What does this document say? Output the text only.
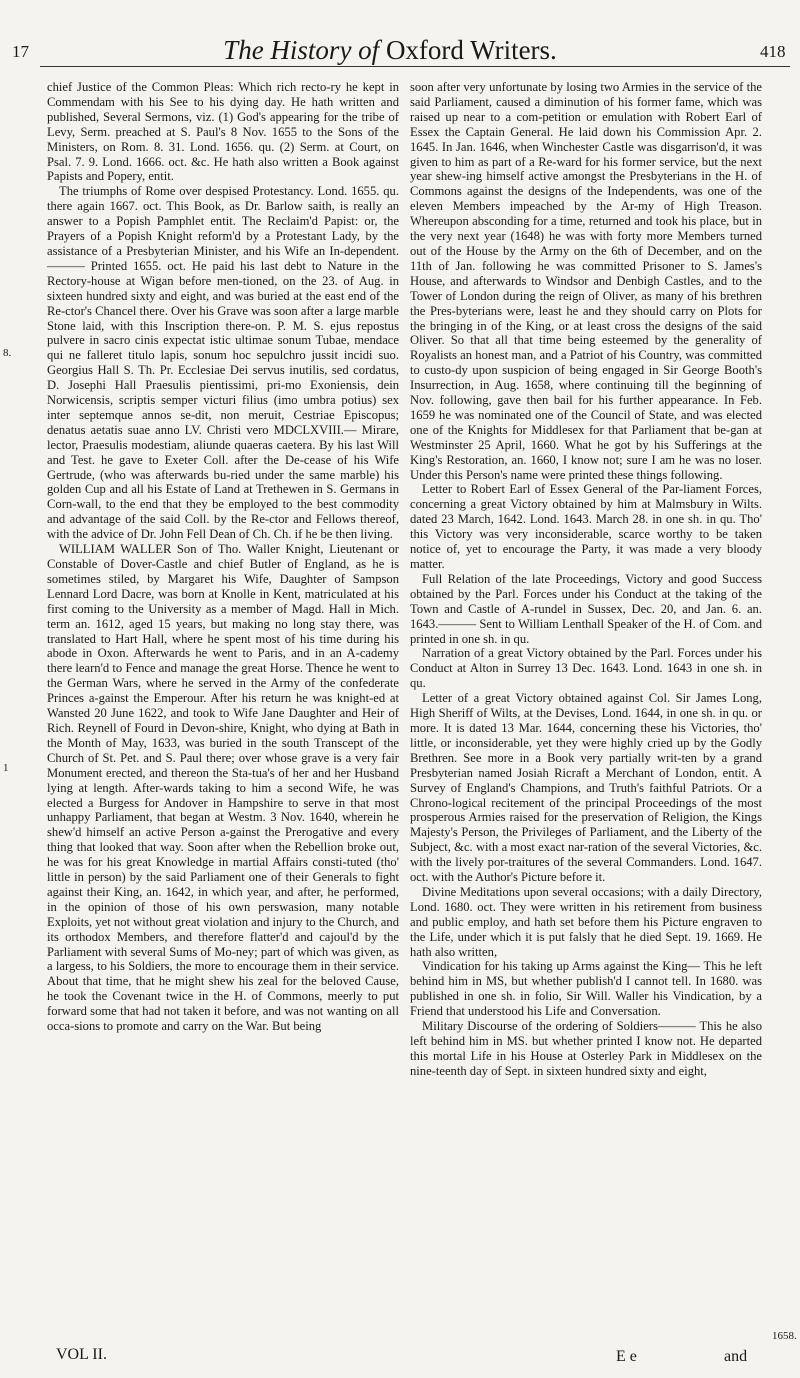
17	The History of Oxford Writers.	418
8.
1
1658.

chief Justice of the Common Pleas: Which rich recto-ry he kept in Commendam with his See to his dying day. He hath written and published, Several Sermons, viz. (1) God's appearing for the tribe of Levy, Serm. preached at S. Paul's 8 Nov. 1655 to the Sons of the Ministers, on Rom. 8. 31. Lond. 1656. qu. (2) Serm. at Court, on Psal. 7. 9. Lond. 1666. oct. &c. He hath also written a Book against Papists and Popery, entit.

The triumphs of Rome over despised Protestancy. Lond. 1655. qu. there again 1667. oct. This Book, as Dr. Barlow saith, is really an answer to a Popish Pamphlet entit. The Reclaim'd Papist: or, the Prayers of a Popish Knight reform'd by a Protestant Lady, by the assistance of a Presbyterian Minister, and his Wife an In-dependent.——— Printed 1655. oct. He paid his last debt to Nature in the Rectory-house at Wigan before men-tioned, on the 23. of Aug. in sixteen hundred sixty and eight, and was buried at the east end of the Re-ctor's Chancel there. Over his Grave was soon after a large marble Stone laid, with this Inscription there-on. P. M. S. ejus repostus pulvere in sacro cinis expectat istic ultimae sonum Tubae, mendace qui ne falleret titulo lapis, sonum hoc sepulchro jussit incidi suo. Georgius Hall S. Th. Pr. Ecclesiae Dei servus inutilis, sed cordatus, D. Josephi Hall Praesulis pientissimi, pri-mo Exoniensis, dein Norwicensis, scriptis semper victuri filius (imo umbra potius) sex inter septemque annos se-dit, non meruit, Cestriae Episcopus; denatus aetatis suae anno LV. Christi vero MDCLXVIII.— Mirare, lector, Praesulis modestiam, aliunde quaeras caetera. By his last Will and Test. he gave to Exeter Coll. after the De-cease of his Wife Gertrude, (who was afterwards bu-ried under the same marble) his golden Cup and all his Estate of Land at Trethewen in S. Germans in Corn-wall, to the end that they be employed to the best commodity and advantage of the said Coll. by the Re-ctor and Fellows thereof, with the advice of Dr. John Fell Dean of Ch. Ch. if he be then living.

WILLIAM WALLER Son of Tho. Waller Knight, Lieutenant or Constable of Dover-Castle and chief Butler of England, as he is sometimes stiled, by Margaret his Wife, Daughter of Sampson Lennard Lord Dacre, was born at Knolle in Kent, matriculated at his first coming to the University as a member of Magd. Hall in Mich. term an. 1612, aged 15 years, but making no long stay there, was translated to Hart Hall, where he spent most of his time during his abode in Oxon. Afterwards he went to Paris, and in an A-cademy there learn'd to Fence and manage the great Horse. Thence he went to the German Wars, where he served in the Army of the confederate Princes a-gainst the Emperour. After his return he was knight-ed at Wansted 20 June 1622, and took to Wife Jane Daughter and Heir of Rich. Reynell of Fourd in Devon-shire, Knight, who dying at Bath in the Month of May, 1633, was buried in the south Transcept of the Church of St. Pet. and S. Paul there; over whose grave is a very fair Monument erected, and thereon the Sta-tua's of her and her Husband lying at length. After-wards taking to him a second Wife, he was elected a Burgess for Andover in Hampshire to serve in that most unhappy Parliament, that began at Westm. 3 Nov. 1640, wherein he shew'd himself an active Person a-gainst the Prerogative and every thing that looked that way. Soon after when the Rebellion broke out, he was for his great Knowledge in martial Affairs consti-tuted (tho' little in person) by the said Parliament one of their Generals to fight against their King, an. 1642, in which year, and after, he performed, in the opinion of those of his own perswasion, many notable Exploits, yet not without great violation and injury to the Church, and its orthodox Members, and therefore flatter'd and cajoul'd by the Parliament with several Sums of Mo-ney; part of which was given, as a largess, to his Soldiers, the more to encourage them in their service. About that time, that he might shew his zeal for the beloved Cause, he took the Covenant twice in the H. of Commons, meerly to put forward some that had not taken it before, and was not wanting on all occa-sions to promote and carry on the War. But being

soon after very unfortunate by losing two Armies in the service of the said Parliament, caused a diminution of his former fame, which was raised up near to a com-petition or emulation with Robert Earl of Essex the Captain General. He laid down his Commission Apr. 2. 1645. In Jan. 1646, when Winchester Castle was disgarrison'd, it was given to him as part of a Re-ward for his former service, but the next year shew-ing himself active amongst the Presbyterians in the H. of Commons against the designs of the Independents, was one of the eleven Members impeached by the Ar-my of High Treason. Whereupon absconding for a time, returned and took his place, but in the very next year (1648) he was with forty more Members turned out of the House by the Army on the 6th of December, and on the 11th of Jan. following he was committed Prisoner to S. James's House, and afterwards to Windsor and Denbigh Castles, and to the Tower of London during the reign of Oliver, as many of his brethren the Pres-byterians were, least he and they should carry on Plots for the bringing in of the King, or at least cross the designs of the said Oliver. So that all that time being esteemed by the generality of Royalists an honest man, and a Patriot of his Country, was committed to custo-dy upon suspicion of being engaged in Sir George Booth's Insurrection, in Aug. 1658, where continuing till the beginning of Nov. following, gave then bail for his further appearance. In Feb. 1659 he was nominated one of the Council of State, and was elected one of the Knights for Middlesex for that Parliament that be-gan at Westminster 25 April, 1660. What he got by his Sufferings at the King's Restoration, an. 1660, I know not; sure I am he was no loser. Under this Person's name were printed these things following.

Letter to Robert Earl of Essex General of the Par-liament Forces, concerning a great Victory obtained by him at Malmsbury in Wilts. dated 23 March, 1642. Lond. 1643. March 28. in one sh. in qu. Tho' this Victory was very inconsiderable, scarce worthy to be taken notice of, yet to encourage the Party, it was made a very bloody matter.

Full Relation of the late Proceedings, Victory and good Success obtained by the Parl. Forces under his Conduct at the taking of the Town and Castle of A-rundel in Sussex, Dec. 20, and Jan. 6. an. 1643.——— Sent to William Lenthall Speaker of the H. of Com. and printed in one sh. in qu.

Narration of a great Victory obtained by the Parl. Forces under his Conduct at Alton in Surrey 13 Dec. 1643. Lond. 1643 in one sh. in qu.

Letter of a great Victory obtained against Col. Sir James Long, High Sheriff of Wilts, at the Devises, Lond. 1644, in one sh. in qu. or more. It is dated 13 Mar. 1644, concerning these his Victories, tho' little, or inconsiderable, yet they were highly cried up by the Godly Brethren. See more in a Book very partially writ-ten by a grand Presbyterian named Josiah Ricraft a Merchant of London, entit. A Survey of England's Champions, and Truth's faithful Patriots. Or a Chrono-logical recitement of the principal Proceedings of the most prosperous Armies raised for the preservation of Religion, the Kings Majesty's Person, the Privileges of Parliament, and the Liberty of the Subject, &c. with a most exact nar-ration of the several Victories, &c. with the lively por-traitures of the several Commanders. Lond. 1647. oct. with the Author's Picture before it.

Divine Meditations upon several occasions; with a daily Directory, Lond. 1680. oct. They were written in his retirement from business and public employ, and hath set before them his Picture engraven to the Life, under which it is put falsly that he died Sept. 19. 1669. He hath also written,

Vindication for his taking up Arms against the King— This he left behind him in MS, but whether publish'd I cannot tell. In 1680. was published in one sh. in folio, Sir Will. Waller his Vindication, by a Friend that understood his Life and Conversation.

Military Discourse of the ordering of Soldiers——— This he also left behind him in MS. but whether printed I know not. He departed this mortal Life in his House at Osterley Park in Middlesex on the nine-teenth day of Sept. in sixteen hundred sixty and eight,

VOL II.	E e	and
